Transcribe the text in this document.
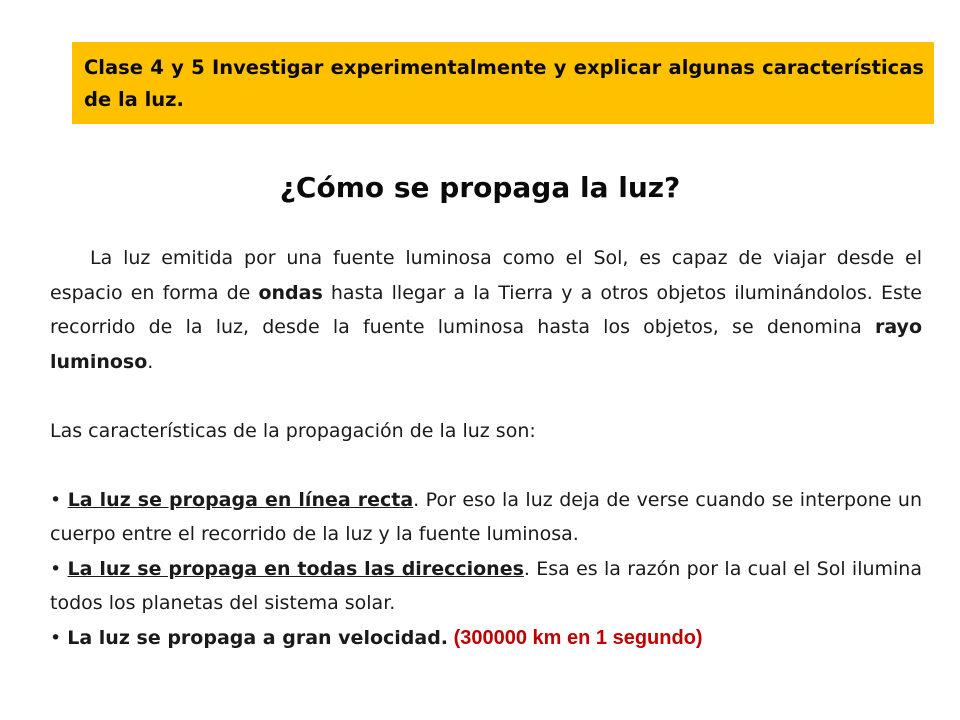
Clase 4 y 5 Investigar experimentalmente y explicar algunas características de la luz.
¿Cómo se propaga la luz?

La luz emitida por una fuente luminosa como el Sol, es capaz de viajar desde el espacio en forma de ondas hasta llegar a la Tierra y a otros objetos iluminándolos. Este recorrido de la luz, desde la fuente luminosa hasta los objetos, se denomina rayo luminoso.

Las características de la propagación de la luz son:

• La luz se propaga en línea recta. Por eso la luz deja de verse cuando se interpone un cuerpo entre el recorrido de la luz y la fuente luminosa.

• La luz se propaga en todas las direcciones. Esa es la razón por la cual el Sol ilumina todos los planetas del sistema solar.

• La luz se propaga a gran velocidad. (300000 km en 1 segundo)
